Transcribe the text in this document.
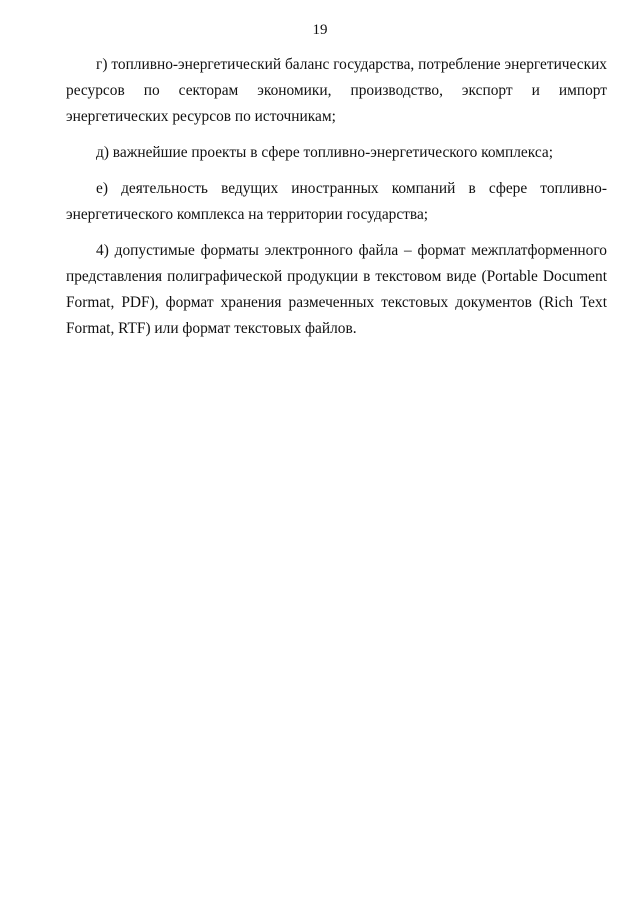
19

г) топливно-энергетический баланс государства, потребление энергетических ресурсов по секторам экономики, производство, экспорт и импорт энергетических ресурсов по источникам;

д) важнейшие проекты в сфере топливно-энергетического комплекса;

е) деятельность ведущих иностранных компаний в сфере топливно-энергетического комплекса на территории государства;

4) допустимые форматы электронного файла – формат межплатформенного представления полиграфической продукции в текстовом виде (Portable Document Format, PDF), формат хранения размеченных текстовых документов (Rich Text Format, RTF) или формат текстовых файлов.
